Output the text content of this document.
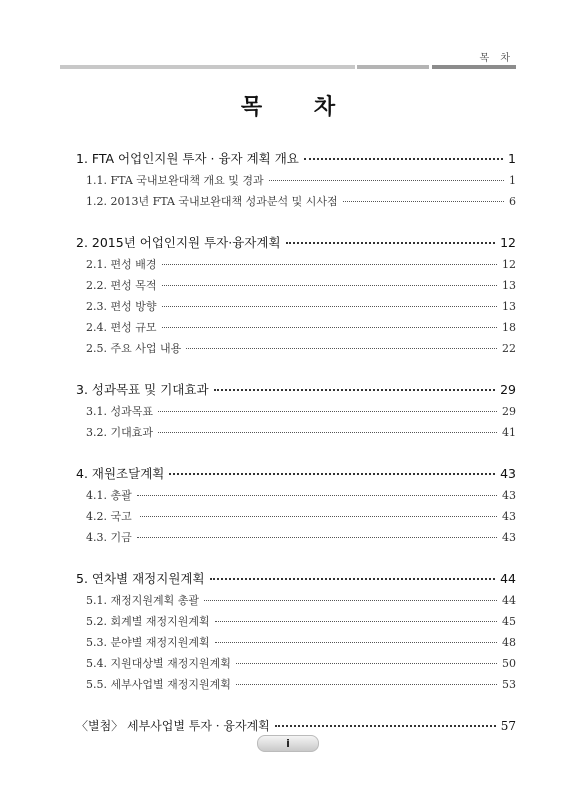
목 차
목 차
1. FTA 어업인지원 투자 · 융자 계획 개요	1
1.1. FTA 국내보완대책 개요 및 경과	1
1.2. 2013년 FTA 국내보완대책 성과분석 및 시사점	6
2. 2015년 어업인지원 투자·융자계획	12
2.1. 편성 배경	12
2.2. 편성 목적	13
2.3. 편성 방향	13
2.4. 편성 규모	18
2.5. 주요 사업 내용	22
3. 성과목표 및 기대효과	29
3.1. 성과목표	29
3.2. 기대효과	41
4. 재원조달계획	43
4.1. 총괄	43
4.2. 국고	43
4.3. 기금	43
5. 연차별 재정지원계획	44
5.1. 재정지원계획 총괄	44
5.2. 회계별 재정지원계획	45
5.3. 분야별 재정지원계획	48
5.4. 지원대상별 재정지원계획	50
5.5. 세부사업별 재정지원계획	53
〈별첨〉 세부사업별 투자 · 융자계획	57
i
